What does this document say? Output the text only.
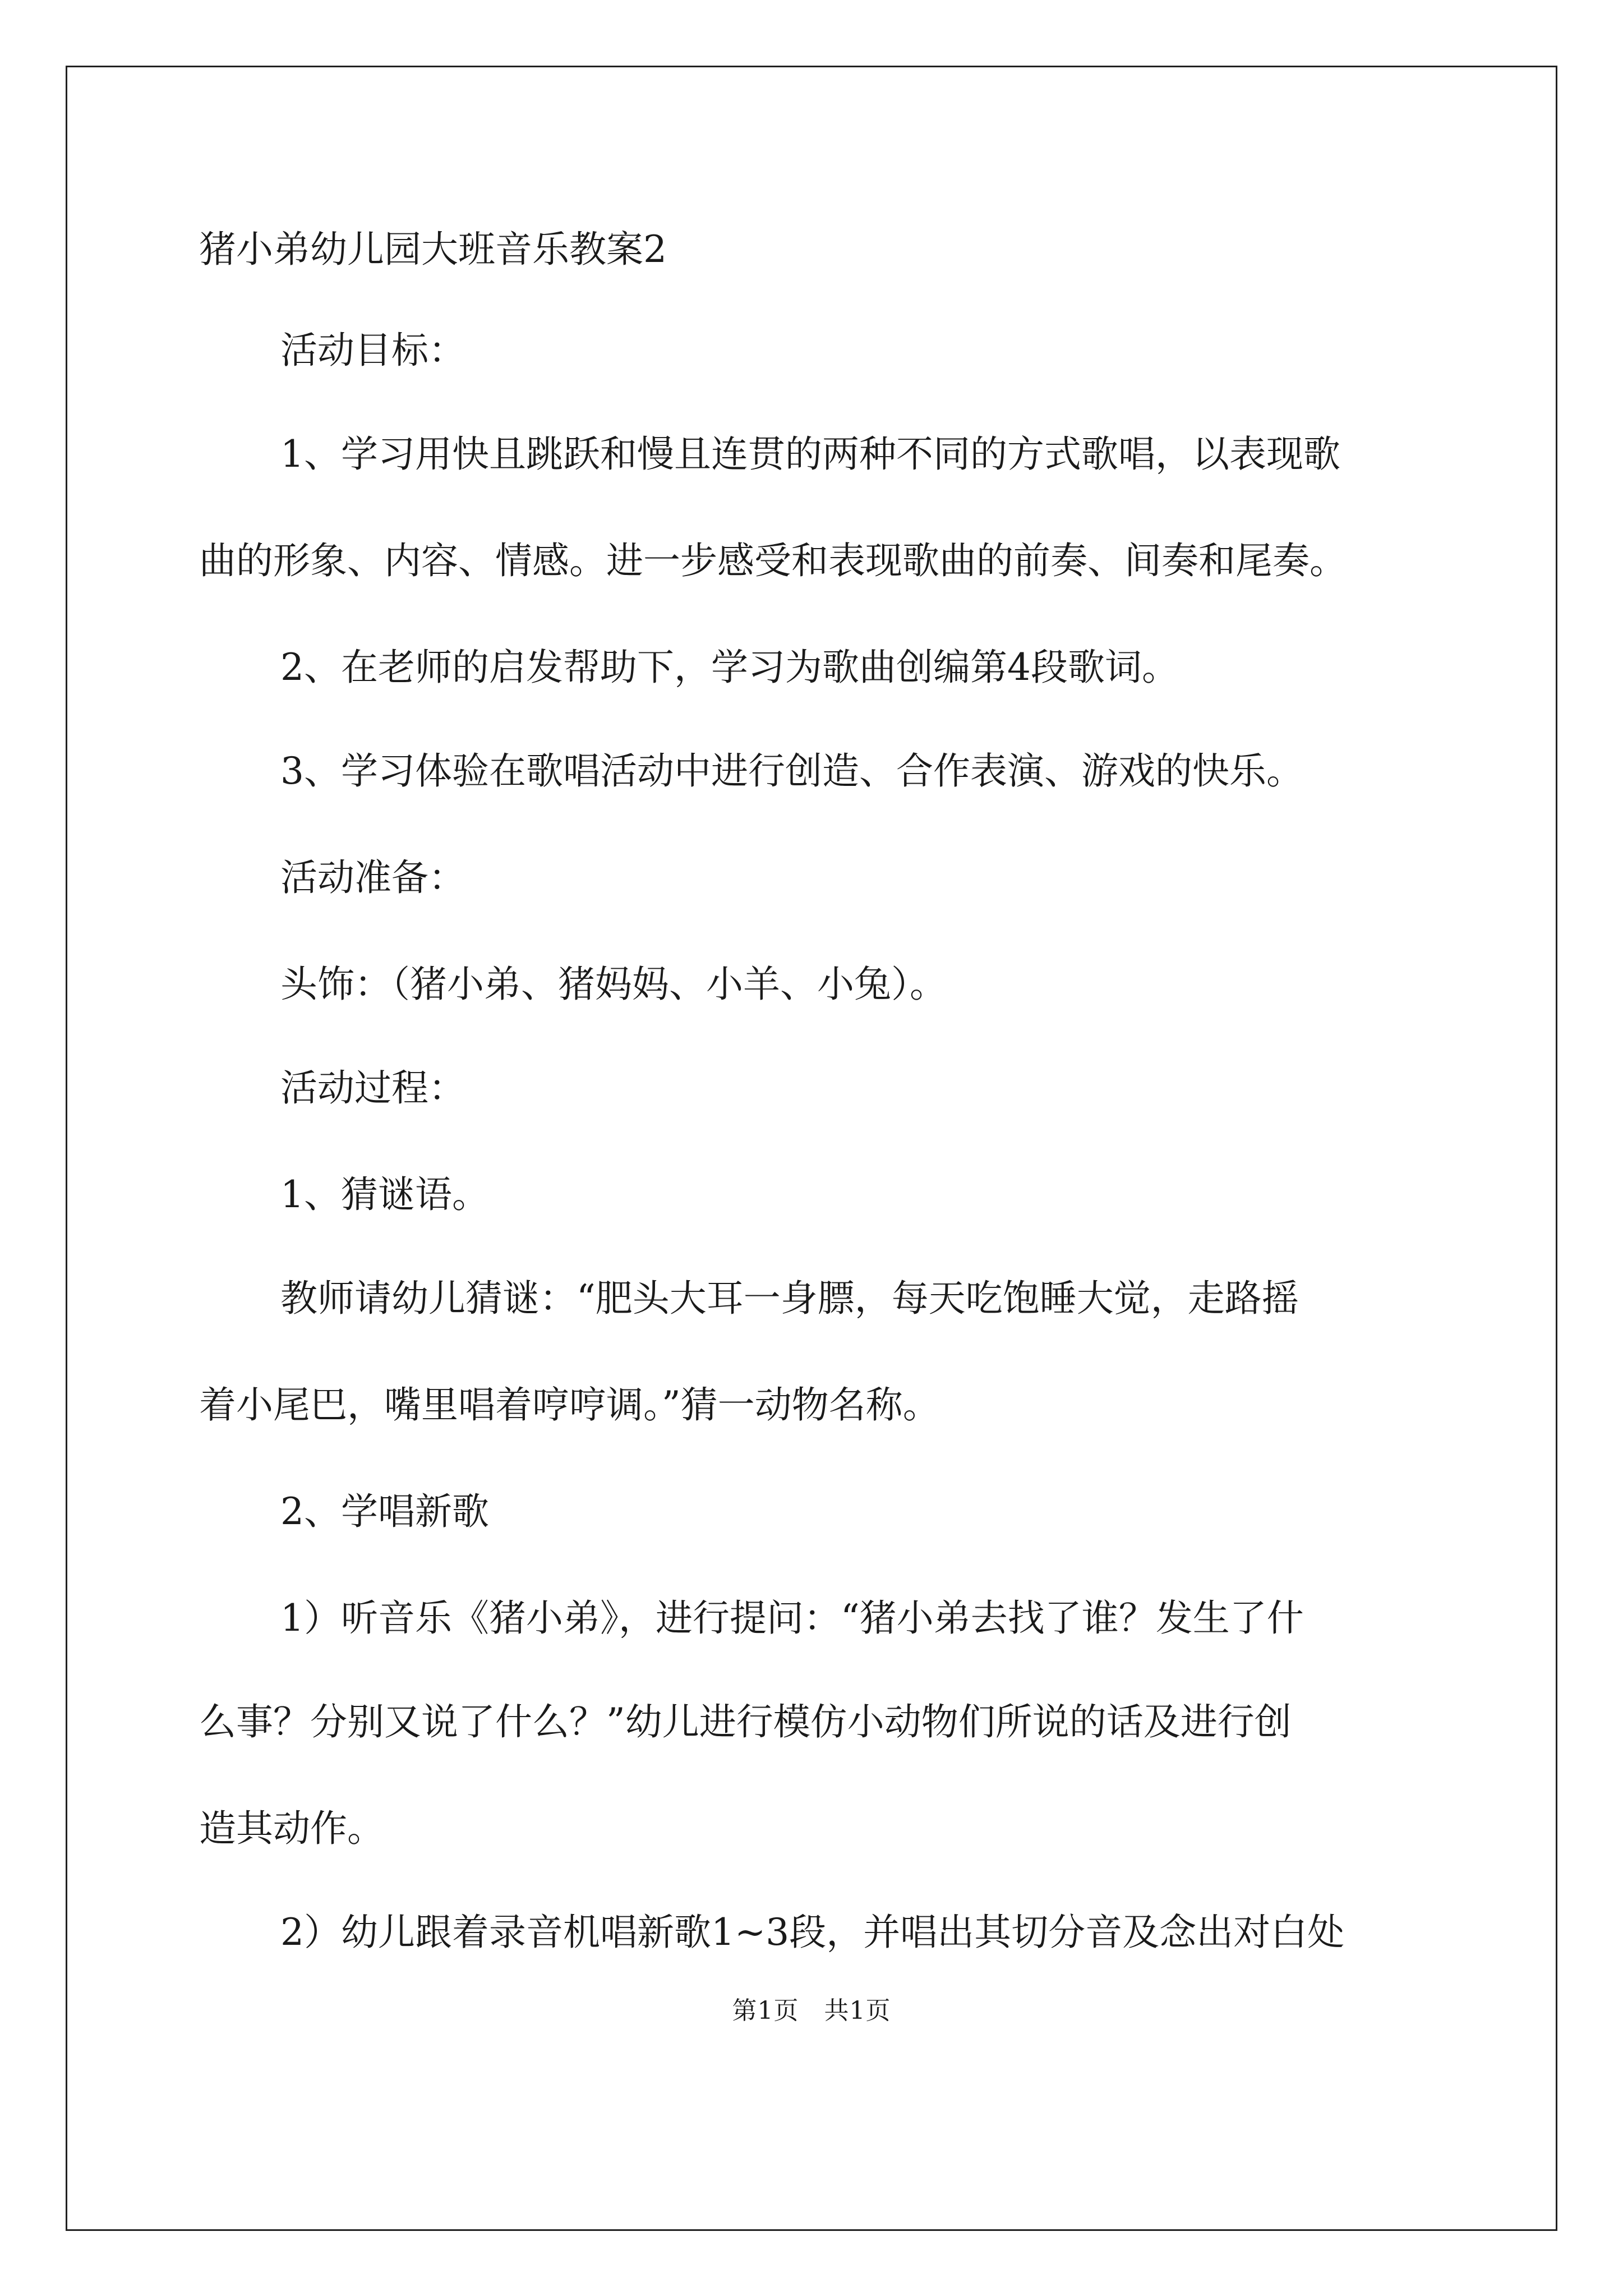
猪小弟幼儿园大班音乐教案2
活动目标：
1、学习用快且跳跃和慢且连贯的两种不同的方式歌唱，以表现歌
曲的形象、内容、情感。进一步感受和表现歌曲的前奏、间奏和尾奏。
2、在老师的启发帮助下，学习为歌曲创编第4段歌词。
3、学习体验在歌唱活动中进行创造、合作表演、游戏的快乐。
活动准备：
头饰：（猪小弟、猪妈妈、小羊、小兔）。
活动过程：
1、猜谜语。
教师请幼儿猜谜：“肥头大耳一身膘，每天吃饱睡大觉，走路摇
着小尾巴，嘴里唱着哼哼调。”猜一动物名称。
2、学唱新歌
1）听音乐《猪小弟》，进行提问：“猪小弟去找了谁？发生了什
么事？分别又说了什么？”幼儿进行模仿小动物们所说的话及进行创
造其动作。
2）幼儿跟着录音机唱新歌1~3段，并唱出其切分音及念出对白处
第1页　共1页
